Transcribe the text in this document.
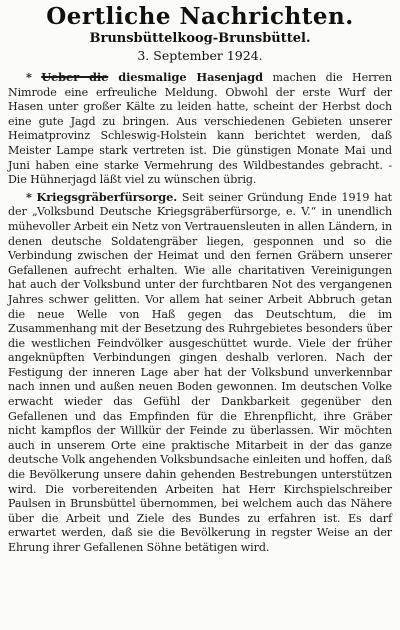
Oertliche Nachrichten.
Brunsbüttelkoog-Brunsbüttel.
3. September 1924.

* Ueber die diesmalige Hasenjagd machen die Herren Nimrode eine erfreuliche Meldung. Obwohl der erste Wurf der Hasen unter großer Kälte zu leiden hatte, scheint der Herbst doch eine gute Jagd zu bringen. Aus verschiedenen Gebieten unserer Heimatprovinz Schleswig-Holstein kann berichtet werden, daß Meister Lampe stark vertreten ist. Die günstigen Monate Mai und Juni haben eine starke Vermehrung des Wildbestandes gebracht. - Die Hühnerjagd läßt viel zu wünschen übrig.

* Kriegsgräberfürsorge. Seit seiner Gründung Ende 1919 hat der „Volksbund Deutsche Kriegsgräberfürsorge, e. V.“ in unendlich mühevoller Arbeit ein Netz von Vertrauensleuten in allen Ländern, in denen deutsche Soldatengräber liegen, gesponnen und so die Verbindung zwischen der Heimat und den fernen Gräbern unserer Gefallenen aufrecht erhalten. Wie alle charitativen Vereinigungen hat auch der Volksbund unter der furchtbaren Not des vergangenen Jahres schwer gelitten. Vor allem hat seiner Arbeit Abbruch getan die neue Welle von Haß gegen das Deutschtum, die im Zusammenhang mit der Besetzung des Ruhrgebietes besonders über die westlichen Feindvölker ausgeschüttet wurde. Viele der früher angeknüpften Verbindungen gingen deshalb verloren. Nach der Festigung der inneren Lage aber hat der Volksbund unverkennbar nach innen und außen neuen Boden gewonnen. Im deutschen Volke erwacht wieder das Gefühl der Dankbarkeit gegenüber den Gefallenen und das Empfinden für die Ehrenpflicht, ihre Gräber nicht kampflos der Willkür der Feinde zu überlassen. Wir möchten auch in unserem Orte eine praktische Mitarbeit in der das ganze deutsche Volk angehenden Volksbundsache einleiten und hoffen, daß die Bevölkerung unsere dahin gehenden Bestrebungen unterstützen wird. Die vorbereitenden Arbeiten hat Herr Kirchspielschreiber Paulsen in Brunsbüttel übernommen, bei welchem auch das Nähere über die Arbeit und Ziele des Bundes zu erfahren ist. Es darf erwartet werden, daß sie die Bevölkerung in regster Weise an der Ehrung ihrer Gefallenen Söhne betätigen wird.
